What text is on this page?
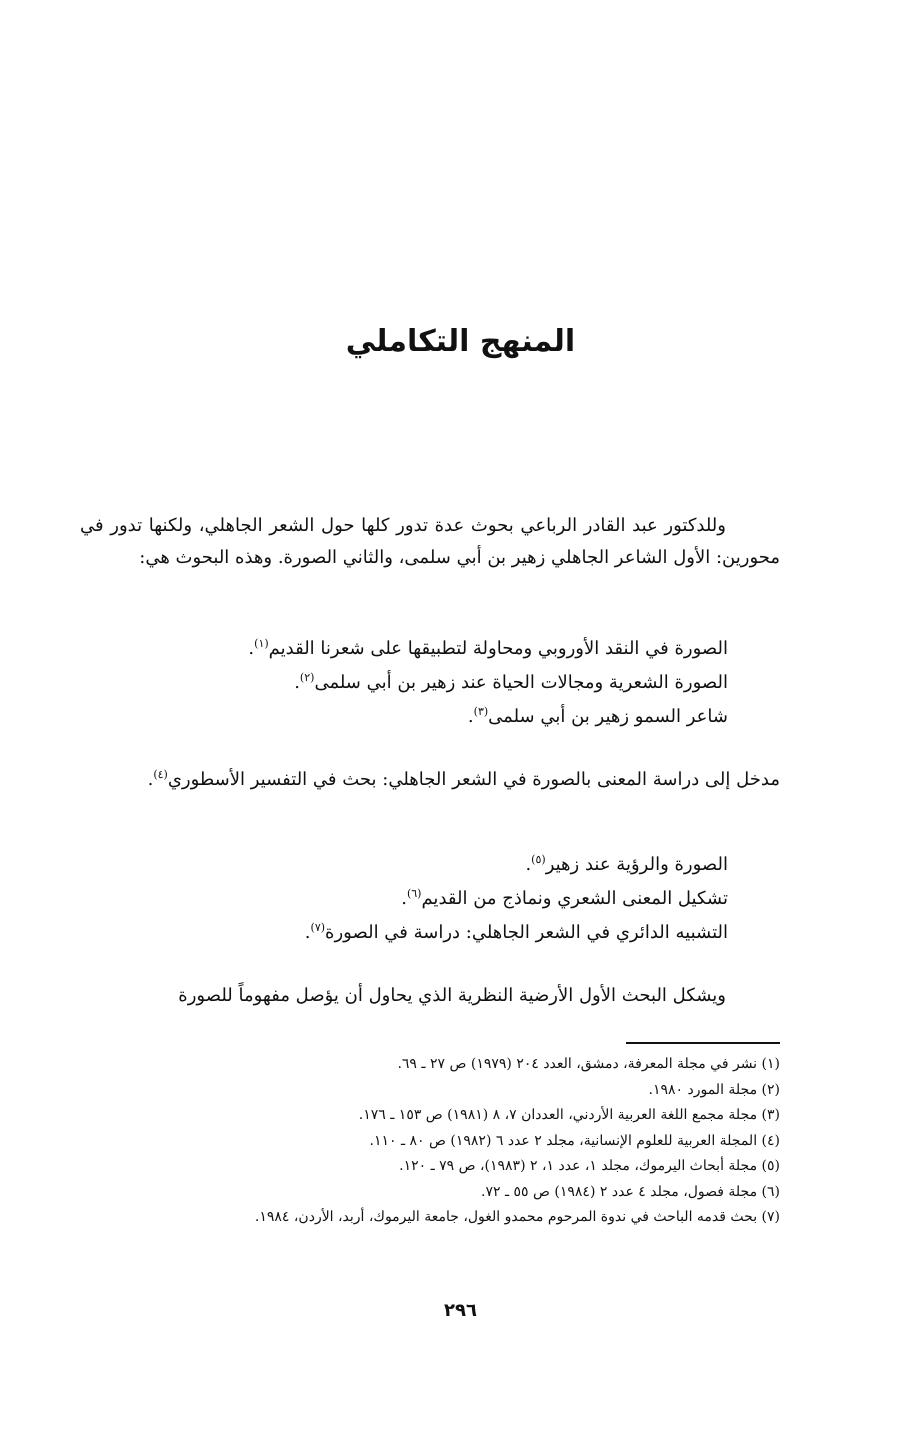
المنهج التكاملي

وللدكتور عبد القادر الرباعي بحوث عدة تدور كلها حول الشعر الجاهلي، ولكنها تدور في محورين: الأول الشاعر الجاهلي زهير بن أبي سلمى، والثاني الصورة. وهذه البحوث هي:

الصورة في النقد الأوروبي ومحاولة لتطبيقها على شعرنا القديم$^{(١)}$.
الصورة الشعرية ومجالات الحياة عند زهير بن أبي سلمى$^{(٢)}$.
شاعر السمو زهير بن أبي سلمى$^{(٣)}$.

مدخل إلى دراسة المعنى بالصورة في الشعر الجاهلي: بحث في التفسير الأسطوري$^{(٤)}$.

الصورة والرؤية عند زهير$^{(٥)}$.
تشكيل المعنى الشعري ونماذج من القديم$^{(٦)}$.
التشبيه الدائري في الشعر الجاهلي: دراسة في الصورة$^{(٧)}$.

ويشكل البحث الأول الأرضية النظرية الذي يحاول أن يؤصل مفهوماً للصورة

(١) نشر في مجلة المعرفة، دمشق، العدد ٢٠٤ (١٩٧٩) ص ٢٧ ـ ٦٩.
(٢) مجلة المورد ١٩٨٠.
(٣) مجلة مجمع اللغة العربية الأردني، العددان ٧، ٨ (١٩٨١) ص ١٥٣ ـ ١٧٦.
(٤) المجلة العربية للعلوم الإنسانية، مجلد ٢ عدد ٦ (١٩٨٢) ص ٨٠ ـ ١١٠.
(٥) مجلة أبحاث اليرموك، مجلد ١، عدد ١، ٢ (١٩٨٣)، ص ٧٩ ـ ١٢٠.
(٦) مجلة فصول، مجلد ٤ عدد ٢ (١٩٨٤) ص ٥٥ ـ ٧٢.
(٧) بحث قدمه الباحث في ندوة المرحوم محمدو الغول، جامعة اليرموك، أربد، الأردن، ١٩٨٤.
٢٩٦
